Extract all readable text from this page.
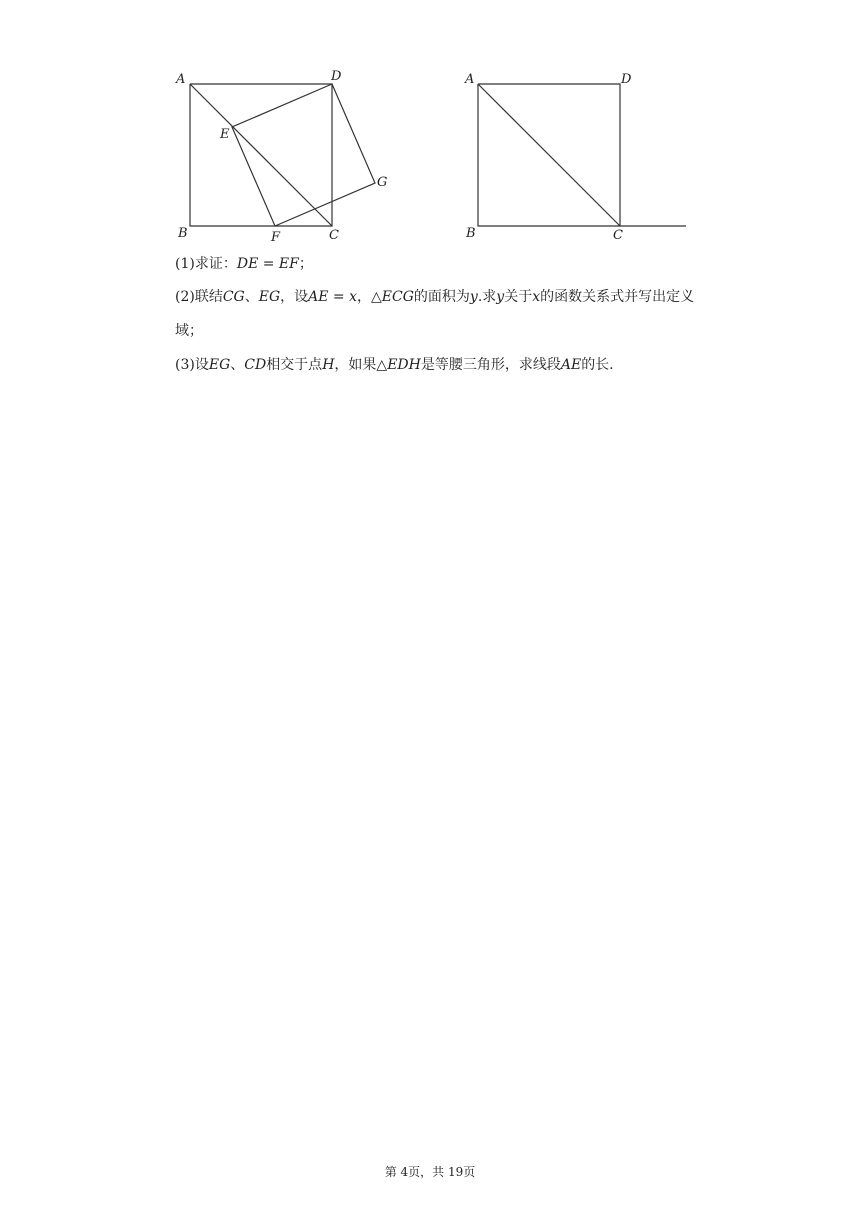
A	D
E
G
B	F	C
A	D
B	C
(1)求证：DE = EF；
(2)联结CG、EG，设AE = x，△ECG的面积为y.求y关于x的函数关系式并写出定义
域；
(3)设EG、CD相交于点H，如果△EDH是等腰三角形，求线段AE的长.
第 4页，共 19页
